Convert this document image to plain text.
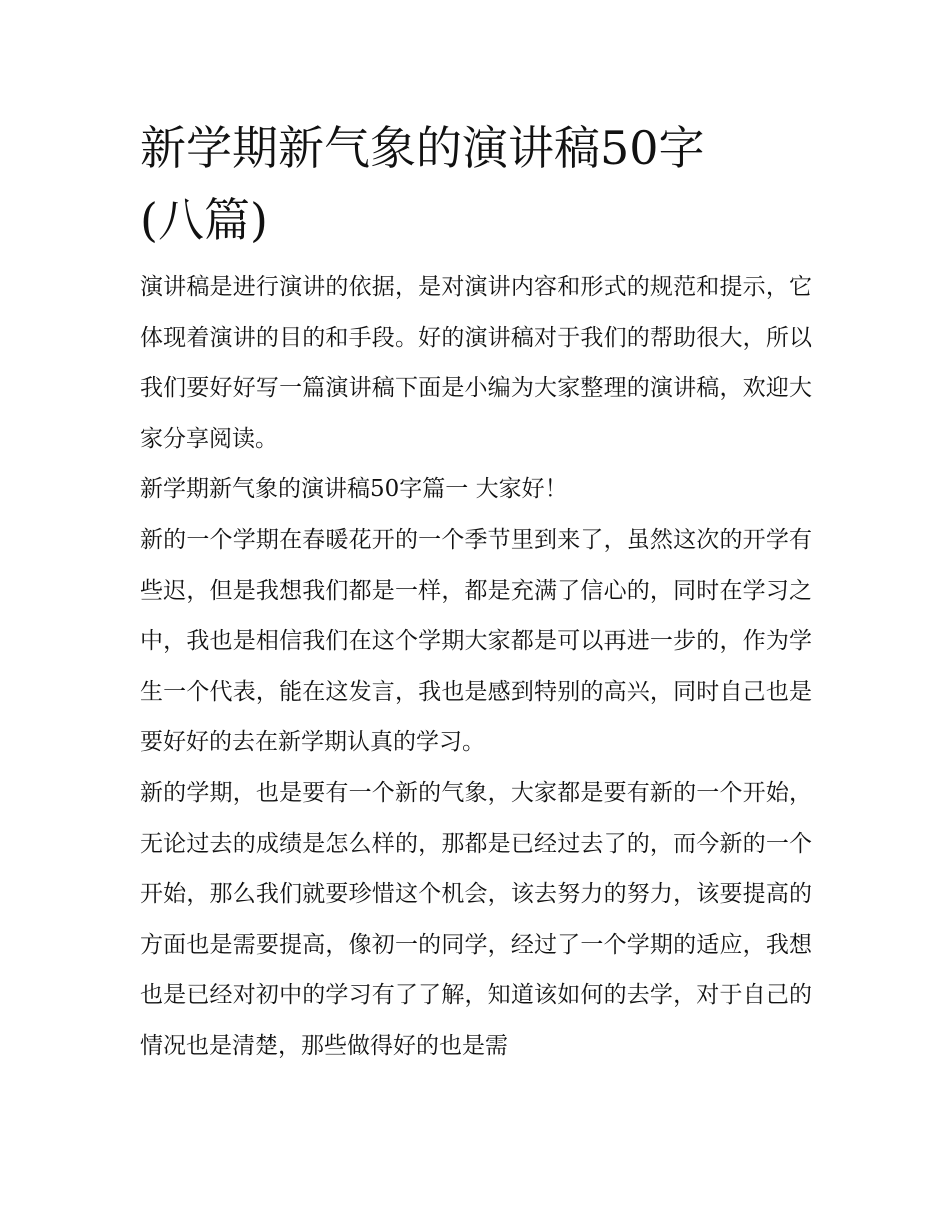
新学期新气象的演讲稿50字
(八篇)

演讲稿是进行演讲的依据，是对演讲内容和形式的规范和提示，它体现着演讲的目的和手段。好的演讲稿对于我们的帮助很大，所以我们要好好写一篇演讲稿下面是小编为大家整理的演讲稿，欢迎大家分享阅读。

新学期新气象的演讲稿50字篇一 大家好！

新的一个学期在春暖花开的一个季节里到来了，虽然这次的开学有些迟，但是我想我们都是一样，都是充满了信心的，同时在学习之中，我也是相信我们在这个学期大家都是可以再进一步的，作为学生一个代表，能在这发言，我也是感到特别的高兴，同时自己也是要好好的去在新学期认真的学习。

新的学期，也是要有一个新的气象，大家都是要有新的一个开始，无论过去的成绩是怎么样的，那都是已经过去了的，而今新的一个开始，那么我们就要珍惜这个机会，该去努力的努力，该要提高的方面也是需要提高，像初一的同学，经过了一个学期的适应，我想也是已经对初中的学习有了了解，知道该如何的去学，对于自己的情况也是清楚，那些做得好的也是需
